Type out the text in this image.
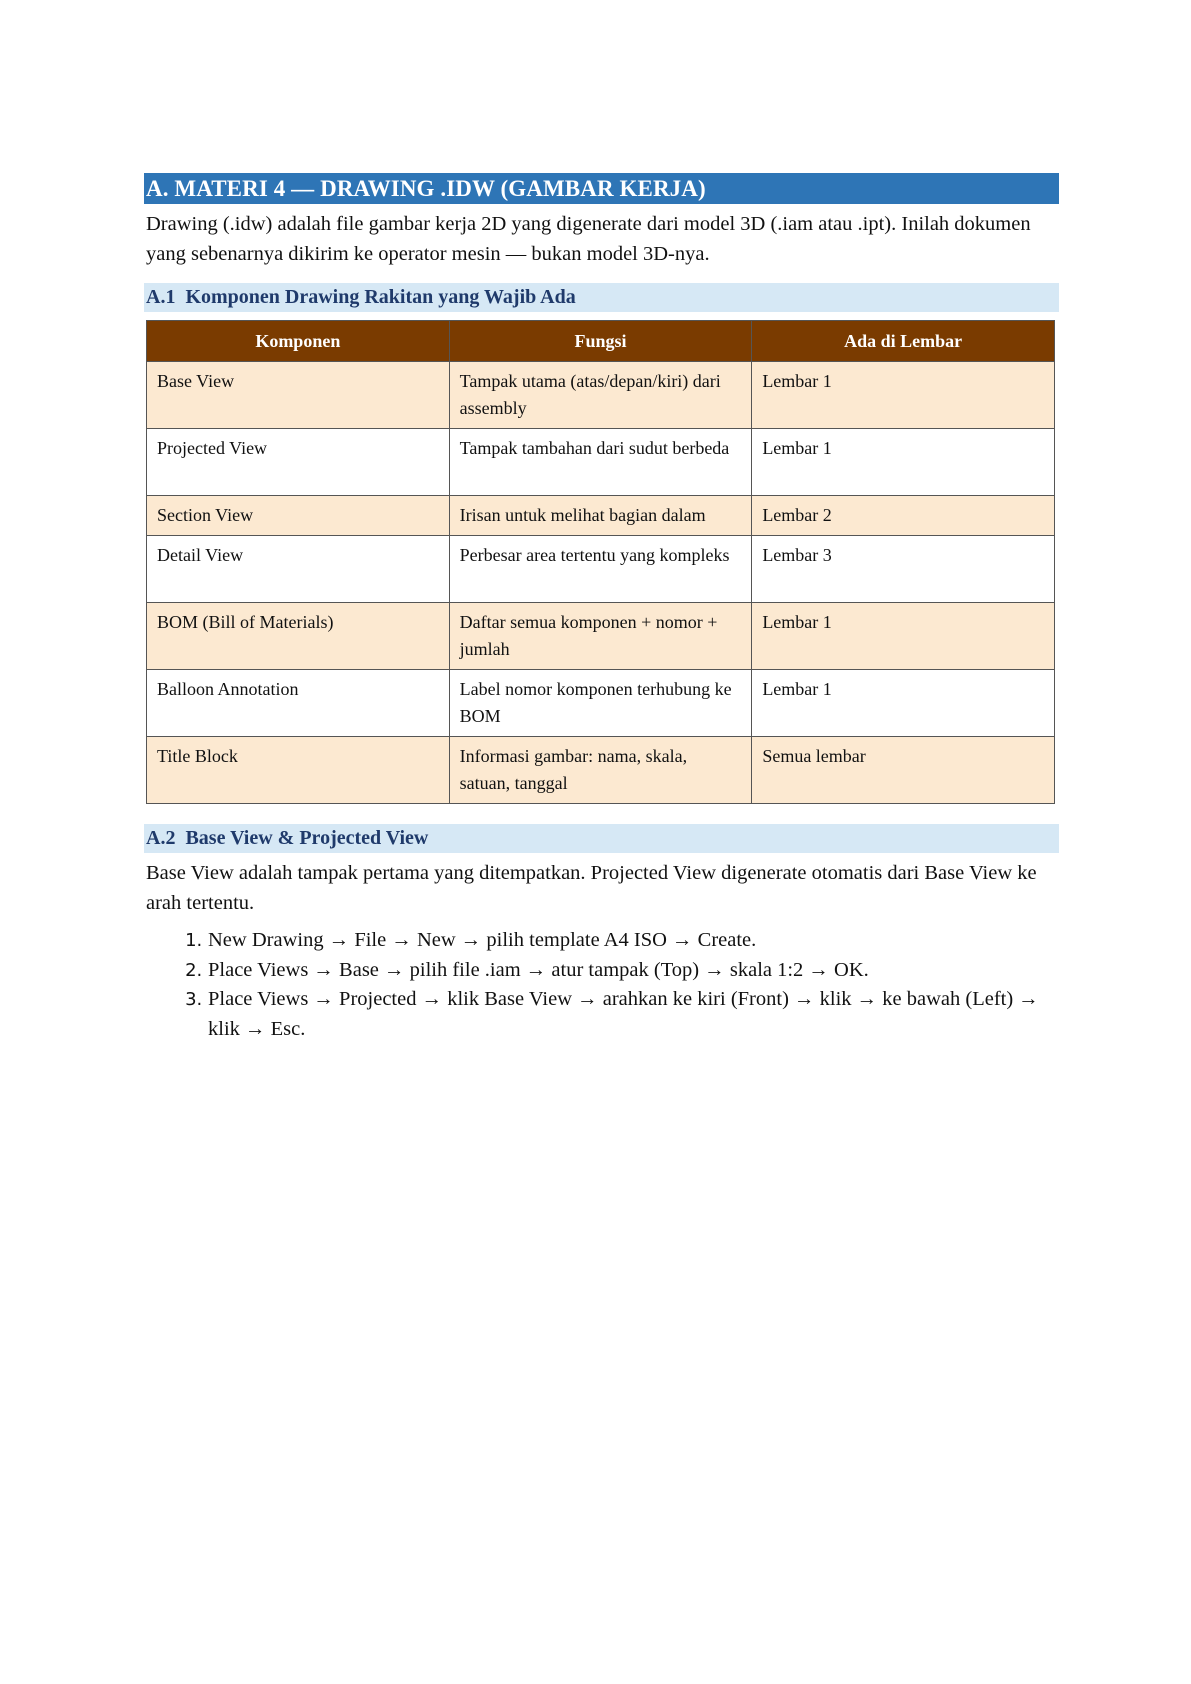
A. MATERI 4 — DRAWING .IDW (GAMBAR KERJA)

Drawing (.idw) adalah file gambar kerja 2D yang digenerate dari model 3D (.iam atau .ipt). Inilah dokumen yang sebenarnya dikirim ke operator mesin — bukan model 3D-nya.

A.1 Komponen Drawing Rakitan yang Wajib Ada
Komponen	Fungsi	Ada di Lembar
Base View	Tampak utama (atas/depan/kiri) dari assembly	Lembar 1
Projected View	Tampak tambahan dari sudut berbeda	Lembar 1
Section View	Irisan untuk melihat bagian dalam	Lembar 2
Detail View	Perbesar area tertentu yang kompleks	Lembar 3
BOM (Bill of Materials)	Daftar semua komponen + nomor + jumlah	Lembar 1
Balloon Annotation	Label nomor komponen terhubung ke BOM	Lembar 1
Title Block	Informasi gambar: nama, skala, satuan, tanggal	Semua lembar
A.2 Base View & Projected View

Base View adalah tampak pertama yang ditempatkan. Projected View digenerate otomatis dari Base View ke arah tertentu.

1. New Drawing → File → New → pilih template A4 ISO → Create.
2. Place Views → Base → pilih file .iam → atur tampak (Top) → skala 1:2 → OK.
3. Place Views → Projected → klik Base View → arahkan ke kiri (Front) → klik → ke bawah (Left) → klik → Esc.
